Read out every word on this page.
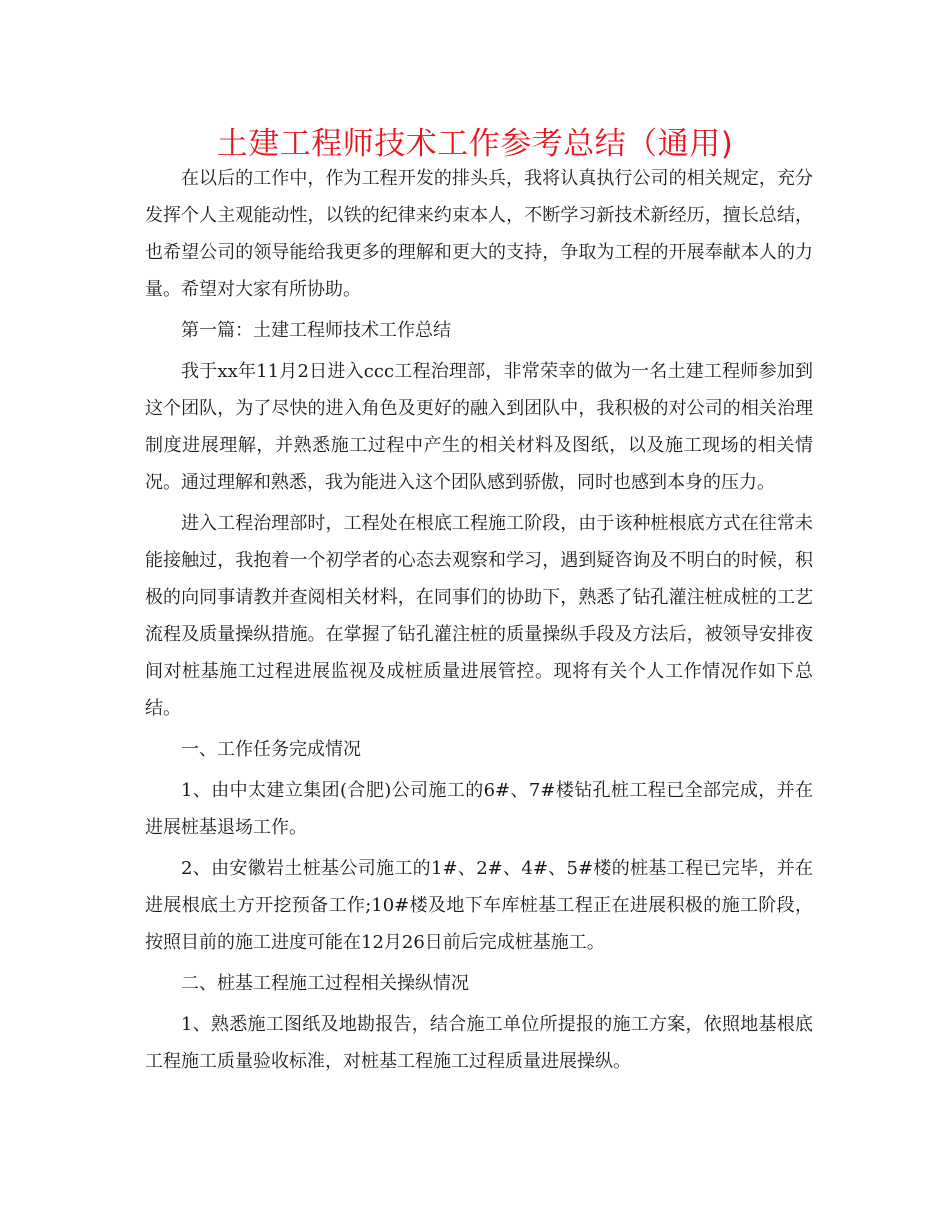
土建工程师技术工作参考总结（通用)

在以后的工作中，作为工程开发的排头兵，我将认真执行公司的相关规定，充分发挥个人主观能动性，以铁的纪律来约束本人，不断学习新技术新经历，擅长总结，也希望公司的领导能给我更多的理解和更大的支持，争取为工程的开展奉献本人的力量。希望对大家有所协助。

第一篇：土建工程师技术工作总结

我于xx年11月2日进入ccc工程治理部，非常荣幸的做为一名土建工程师参加到这个团队，为了尽快的进入角色及更好的融入到团队中，我积极的对公司的相关治理制度进展理解，并熟悉施工过程中产生的相关材料及图纸，以及施工现场的相关情况。通过理解和熟悉，我为能进入这个团队感到骄傲，同时也感到本身的压力。

进入工程治理部时，工程处在根底工程施工阶段，由于该种桩根底方式在往常未能接触过，我抱着一个初学者的心态去观察和学习，遇到疑咨询及不明白的时候，积极的向同事请教并查阅相关材料，在同事们的协助下，熟悉了钻孔灌注桩成桩的工艺流程及质量操纵措施。在掌握了钻孔灌注桩的质量操纵手段及方法后，被领导安排夜间对桩基施工过程进展监视及成桩质量进展管控。现将有关个人工作情况作如下总结。

一、工作任务完成情况

1、由中太建立集团(合肥)公司施工的6#、7#楼钻孔桩工程已全部完成，并在进展桩基退场工作。

2、由安徽岩土桩基公司施工的1#、2#、4#、5#楼的桩基工程已完毕，并在进展根底土方开挖预备工作;10#楼及地下车库桩基工程正在进展积极的施工阶段，按照目前的施工进度可能在12月26日前后完成桩基施工。

二、桩基工程施工过程相关操纵情况

1、熟悉施工图纸及地勘报告，结合施工单位所提报的施工方案，依照地基根底工程施工质量验收标准，对桩基工程施工过程质量进展操纵。
